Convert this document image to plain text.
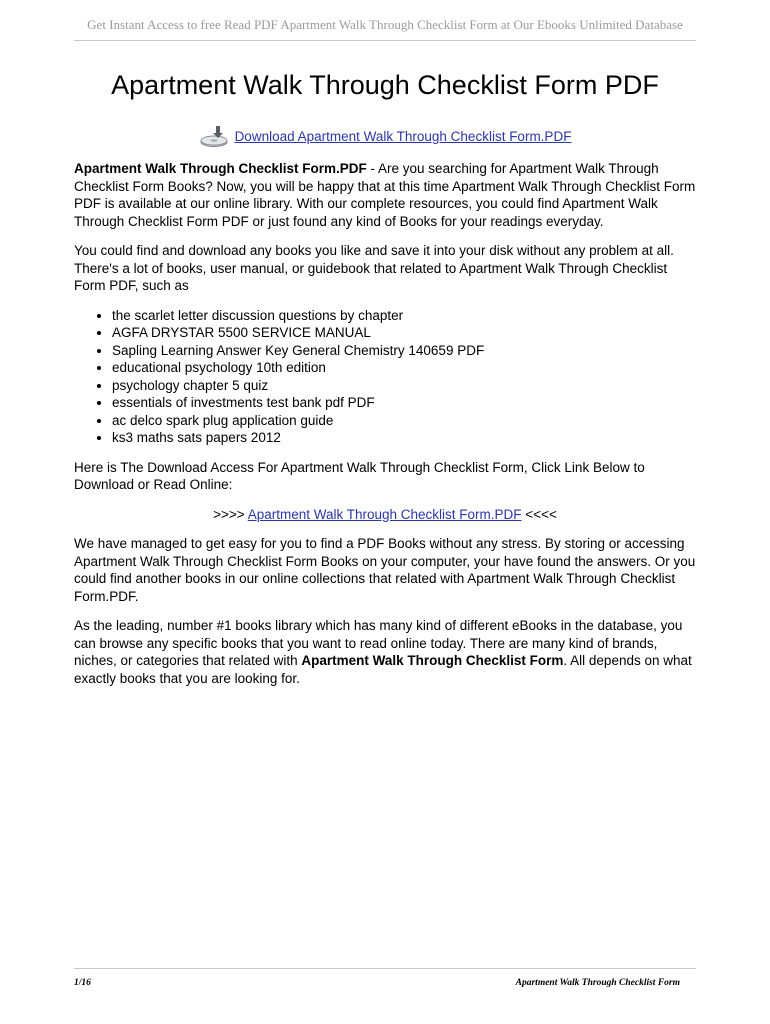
Get Instant Access to free Read PDF Apartment Walk Through Checklist Form at Our Ebooks Unlimited Database
Apartment Walk Through Checklist Form PDF
Download Apartment Walk Through Checklist Form.PDF

Apartment Walk Through Checklist Form.PDF - Are you searching for Apartment Walk Through Checklist Form Books? Now, you will be happy that at this time Apartment Walk Through Checklist Form PDF is available at our online library. With our complete resources, you could find Apartment Walk Through Checklist Form PDF or just found any kind of Books for your readings everyday.

You could find and download any books you like and save it into your disk without any problem at all. There's a lot of books, user manual, or guidebook that related to Apartment Walk Through Checklist Form PDF, such as

• the scarlet letter discussion questions by chapter
• AGFA DRYSTAR 5500 SERVICE MANUAL
• Sapling Learning Answer Key General Chemistry 140659 PDF
• educational psychology 10th edition
• psychology chapter 5 quiz
• essentials of investments test bank pdf PDF
• ac delco spark plug application guide
• ks3 maths sats papers 2012

Here is The Download Access For Apartment Walk Through Checklist Form, Click Link Below to Download or Read Online:

>>>> Apartment Walk Through Checklist Form.PDF <<<<

We have managed to get easy for you to find a PDF Books without any stress. By storing or accessing Apartment Walk Through Checklist Form Books on your computer, your have found the answers. Or you could find another books in our online collections that related with Apartment Walk Through Checklist Form.PDF.

As the leading, number #1 books library which has many kind of different eBooks in the database, you can browse any specific books that you want to read online today. There are many kind of brands, niches, or categories that related with Apartment Walk Through Checklist Form. All depends on what exactly books that you are looking for.

1/16	Apartment Walk Through Checklist Form
